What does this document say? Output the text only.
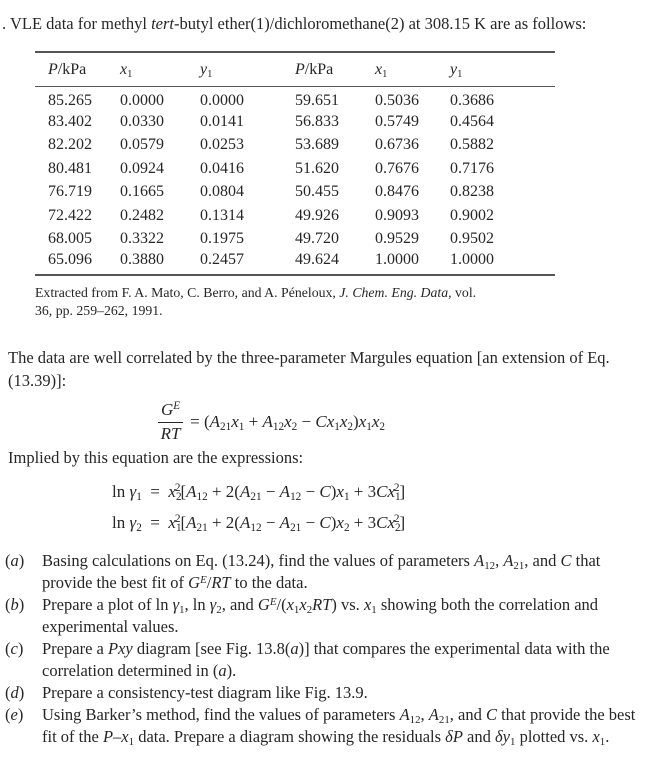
. VLE data for methyl tert-butyl ether(1)/dichloromethane(2) at 308.15 K are as follows:
P/kPa	$x_1$	$y_1$	P/kPa	$x_1$	$y_1$
85.265	0.0000	0.0000	59.651	0.5036	0.3686
83.402	0.0330	0.0141	56.833	0.5749	0.4564
82.202	0.0579	0.0253	53.689	0.6736	0.5882
80.481	0.0924	0.0416	51.620	0.7676	0.7176
76.719	0.1665	0.0804	50.455	0.8476	0.8238
72.422	0.2482	0.1314	49.926	0.9093	0.9002
68.005	0.3322	0.1975	49.720	0.9529	0.9502
65.096	0.3880	0.2457	49.624	1.0000	1.0000
Extracted from F. A. Mato, C. Berro, and A. Péneloux, J. Chem. Eng. Data, vol. 36, pp. 259–262, 1991.
The data are well correlated by the three-parameter Margules equation [an extension of Eq. (13.39)]:
$\frac{G^E}{RT} = (A_{21}x_1 + A_{12}x_2 - Cx_1x_2)x_1x_2$
Implied by this equation are the expressions:
$\ln \gamma_1$ = $x_2^2[A_{12} + 2(A_{21} - A_{12} - C)x_1 + 3Cx_1^2]$
$\ln \gamma_2$ = $x_1^2[A_{21} + 2(A_{12} - A_{21} - C)x_2 + 3Cx_2^2]$
(a)	Basing calculations on Eq. (13.24), find the values of parameters $A_{12}$, $A_{21}$, and C that provide the best fit of $G^E/RT$ to the data.
(b)	Prepare a plot of $\ln \gamma_1$, $\ln \gamma_2$, and $G^E/(x_1x_2RT)$ vs. $x_1$ showing both the correlation and experimental values.
(c)	Prepare a Pxy diagram [see Fig. 13.8(a)] that compares the experimental data with the correlation determined in (a).
(d)	Prepare a consistency-test diagram like Fig. 13.9.
(e)	Using Barker’s method, find the values of parameters $A_{12}$, $A_{21}$, and C that provide the best fit of the $P-x_1$ data. Prepare a diagram showing the residuals δP and $\delta y_1$ plotted vs. $x_1$.
